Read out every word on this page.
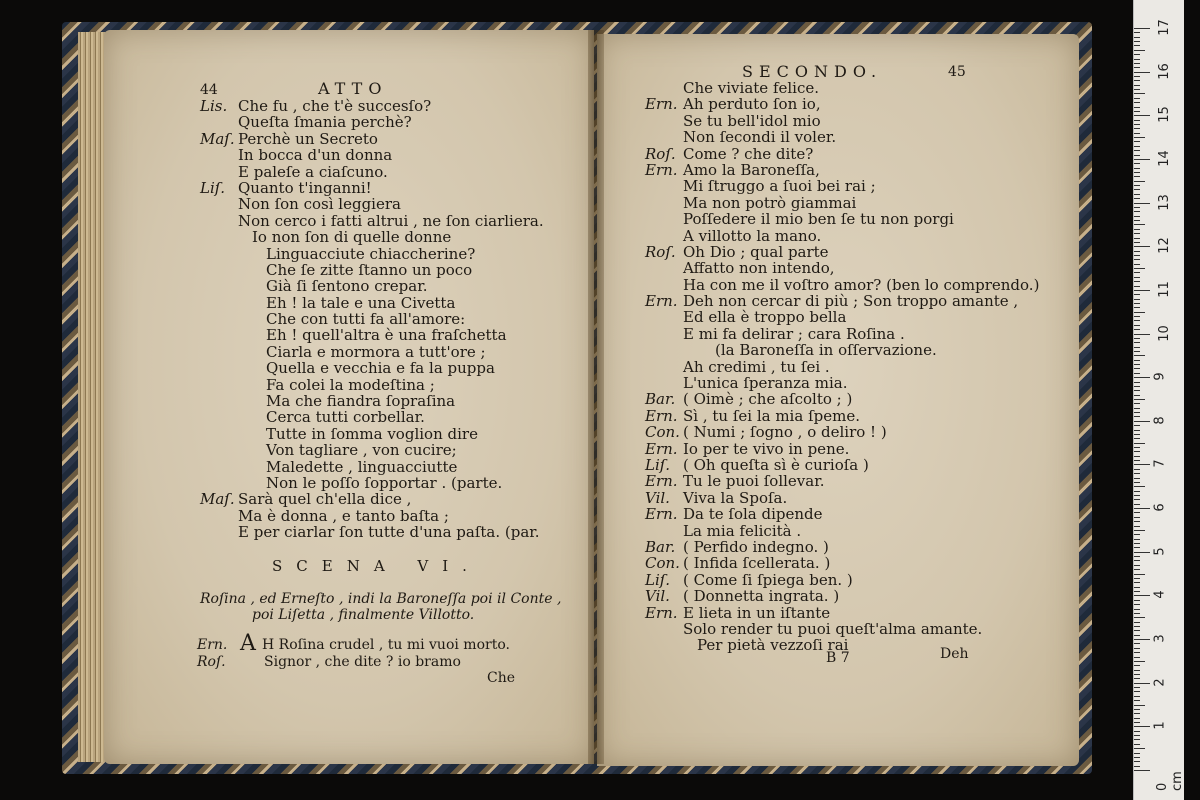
44	ATTO
Lis. Che fu , che t'è succesſo?
Queſta ſmania perchè?
Maſ. Perchè un Secreto
In bocca d'un donna
E paleſe a ciaſcuno.
Liſ. Quanto t'inganni!
Non ſon così leggiera
Non cerco i fatti altrui , ne ſon ciarliera.
Io non ſon di quelle donne
Linguacciute chiaccherine?
Che ſe zitte ſtanno un poco
Già ſi ſentono crepar.
Eh ! la tale e una Civetta
Che con tutti fa all'amore:
Eh ! quell'altra è una fraſchetta
Ciarla e mormora a tutt'ore ;
Quella e vecchia e fa la puppa
Fa colei la modeſtina ;
Ma che fiandra ſopraſina
Cerca tutti corbellar.
Tutte in ſomma voglion dire
Von tagliare , von cucire;
Maledette , linguacciutte
Non le poſſo ſopportar . (parte.
Maſ. Sarà quel ch'ella dice ,
Ma è donna , e tanto baſta ;
E per ciarlar ſon tutte d'una paſta. (par.
SCENA VI.
Roſina , ed Erneſto , indi la Baroneſſa poi il Conte ,
poi Liſetta , finalmente Villotto.
Ern. A H Roſina crudel , tu mi vuoi morto.
Roſ.	Signor , che dite ? io bramo
Che
SECONDO.	45
Che viviate felice.
Ern. Ah perduto ſon io,
Se tu bell'idol mio
Non ſecondi il voler.
Roſ. Come ? che dite?
Ern. Amo la Baroneſſa,
Mi ſtruggo a ſuoi bei rai ;
Ma non potrò giammai
Poſſedere il mio ben ſe tu non porgi
A villotto la mano.
Roſ. Oh Dio ; qual parte
Affatto non intendo,
Ha con me il voſtro amor? (ben lo comprendo.)
Ern. Deh non cercar di più ; Son troppo amante ,
Ed ella è troppo bella
E mi fa delirar ; cara Roſina .
(la Baroneſſa in oſſervazione.
Ah credimi , tu ſei .
L'unica ſperanza mia.
Bar. ( Oimè ; che aſcolto ; )
Ern. Sì , tu ſei la mia ſpeme.
Con. ( Numi ; ſogno , o deliro ! )
Ern. Io per te vivo in pene.
Liſ. ( Oh queſta sì è curioſa )
Ern. Tu le puoi ſollevar.
Vil. Viva la Spoſa.
Ern. Da te ſola dipende
La mia felicità .
Bar. ( Perfido indegno. )
Con. ( Infida ſcellerata. )
Liſ. ( Come ſi ſpiega ben. )
Vil. ( Donnetta ingrata. )
Ern. E lieta in un iſtante
Solo render tu puoi queſt'alma amante.
Per pietà vezzoſi rai
B 7	Deh
0 cm
1
2
3
4
5
6
7
8
9
10
11
12
13
14
15
16
17
